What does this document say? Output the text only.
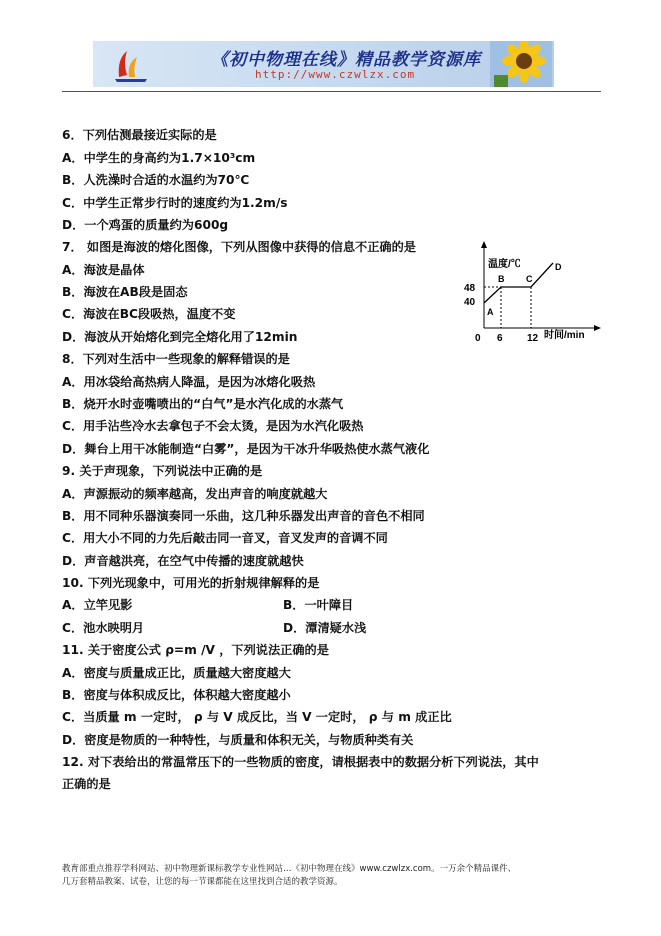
《初中物理在线》精品教学资源库
http://www.czwlzx.com
6．下列估测最接近实际的是
A．中学生的身高约为1.7×10³cm
B．人洗澡时合适的水温约为70℃
C．中学生正常步行时的速度约为1.2m/s
D．一个鸡蛋的质量约为600g
7． 如图是海波的熔化图像，下列从图像中获得的信息不正确的是
A．海波是晶体
B．海波在AB段是固态
C．海波在BC段吸热，温度不变
D．海波从开始熔化到完全熔化用了12min
8．下列对生活中一些现象的解释错误的是
A．用冰袋给高热病人降温，是因为冰熔化吸热
B．烧开水时壶嘴喷出的“白气”是水汽化成的水蒸气
C．用手沾些冷水去拿包子不会太烫，是因为水汽化吸热
D．舞台上用干冰能制造“白雾”，是因为干冰升华吸热使水蒸气液化
9. 关于声现象，下列说法中正确的是
A．声源振动的频率越高，发出声音的响度就越大
B．用不同种乐器演奏同一乐曲，这几种乐器发出声音的音色不相同
C．用大小不同的力先后敲击同一音叉，音叉发声的音调不同
D．声音越洪亮，在空气中传播的速度就越快
10. 下列光现象中，可用光的折射规律解释的是
A．立竿见影	B．一叶障目
C．池水映明月	D．潭清疑水浅
11. 关于密度公式 ρ=m /V ，下列说法正确的是
A．密度与质量成正比，质量越大密度越大
B．密度与体积成反比，体积越大密度越小
C．当质量 m 一定时， ρ 与 V 成反比，当 V 一定时， ρ 与 m 成正比
D．密度是物质的一种特性，与质量和体积无关，与物质种类有关
12. 对下表给出的常温常压下的一些物质的密度，请根据表中的数据分析下列说法，其中
正确的是
温度/℃
时间/min
48
40
0 6 12
A
B C
D
教育部重点推荐学科网站、初中物理新课标教学专业性网站…《初中物理在线》www.czwlzx.com。一万余个精品课件、
几万套精品教案、试卷，让您的每一节课都能在这里找到合适的教学资源。
